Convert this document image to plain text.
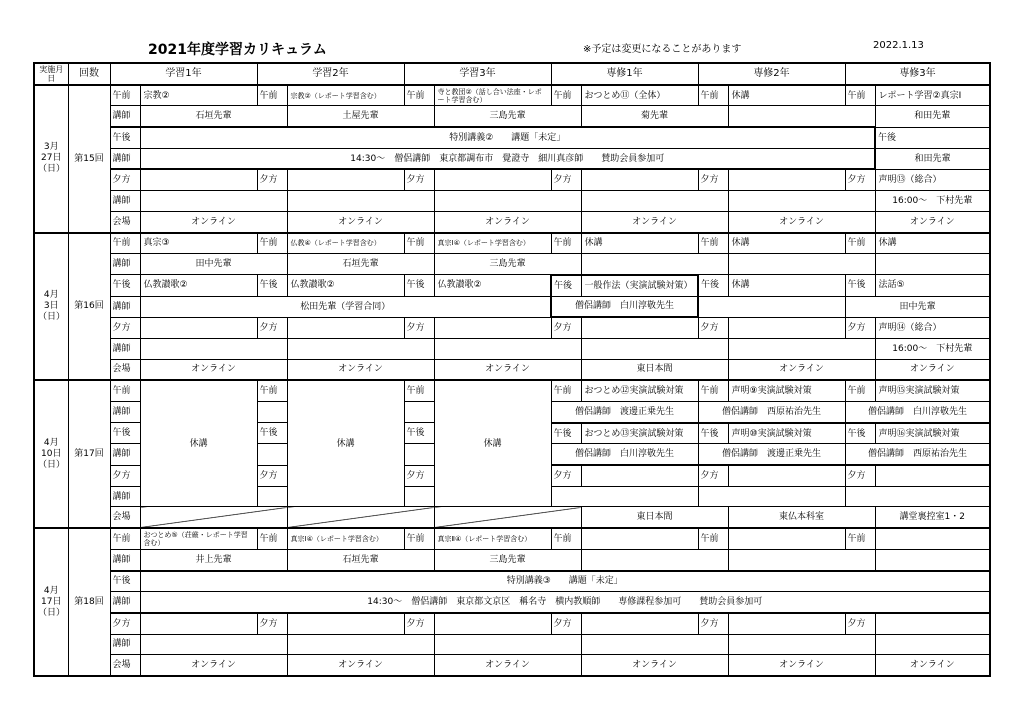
2021年度学習カリキュラム	※予定は変更になることがあります	2022.1.13
実施月日	回数	学習1年		学習2年		学習3年		専修1年		専修2年		専修3年		
3月
27日
（日）	第15回	午前	宗教②	午前	宗教②（レポート学習含む）	午前	寺と教団②（話し合い法座・レポート学習含む）	午前	おつとめ⑪（全体）	午前	休講	午前	レポート学習②真宗Ⅰ	
		講師	石垣先輩		土屋先輩		三島先輩		菊先輩				和田先輩	
		午後	特別講義②　　講題「未定」										午後	
		講師	14:30～　僧侶講師　東京都調布市　覺證寺　細川真彦師　　賛助会員参加可										和田先輩	
		夕方		夕方		夕方		夕方		夕方		夕方	声明⑬（総合）	
		講師											16:00～　下村先輩	
		会場	オンライン		オンライン		オンライン		オンライン		オンライン		オンライン	
4月
3日
（日）	第16回	午前	真宗③	午前	仏教④（レポート学習含む）	午前	真宗Ⅰ④（レポート学習含む）	午前	休講	午前	休講	午前	休講	
		講師	田中先輩		石垣先輩		三島先輩							
		午後	仏教讃歌②	午後	仏教讃歌②	午後	仏教讃歌②	午後	一般作法（実演試験対策）	午後	休講	午後	法話⑤	
		講師	松田先輩（学習合同）					僧侶講師　白川淳敬先生				田中先輩		
		夕方		夕方		夕方		夕方		夕方		夕方	声明⑭（総合）	
		講師											16:00～　下村先輩	
		会場	オンライン		オンライン		オンライン		東日本間		オンライン		オンライン	
4月
10日
（日）	第17回	午前	休講	午前	休講	午前	休講	午前	おつとめ⑫実演試験対策	午前	声明⑨実演試験対策	午前	声明⑮実演試験対策	
		講師						僧侶講師　渡邊正乗先生		僧侶講師　西原祐治先生		僧侶講師　白川淳敬先生		
		午後		午後		午後		午後	おつとめ⑬実演試験対策	午後	声明⑩実演試験対策	午後	声明⑯実演試験対策	
		講師						僧侶講師　白川淳敬先生		僧侶講師　渡邊正乗先生		僧侶講師　西原祐治先生		
		夕方		夕方		夕方		夕方		夕方		夕方		
		講師												
		会場							東日本間		東仏本科室		講堂裏控室1・2	
4月
17日
（日）	第18回	午前	おつとめ⑤（荘厳・レポート学習含む）	午前	真宗Ⅰ④（レポート学習含む）	午前	真宗Ⅱ④（レポート学習含む）	午前		午前		午前		
		講師	井上先輩		石垣先輩		三島先輩							
		午後	特別講義③　　講題「未定」											
		講師	14:30～　僧侶講師　東京都文京区　稱名寺　横内教順師　　専修課程参加可　　賛助会員参加可											
		夕方		夕方		夕方		夕方		夕方		夕方		
		講師												
		会場	オンライン		オンライン		オンライン		オンライン		オンライン		オンライン	
